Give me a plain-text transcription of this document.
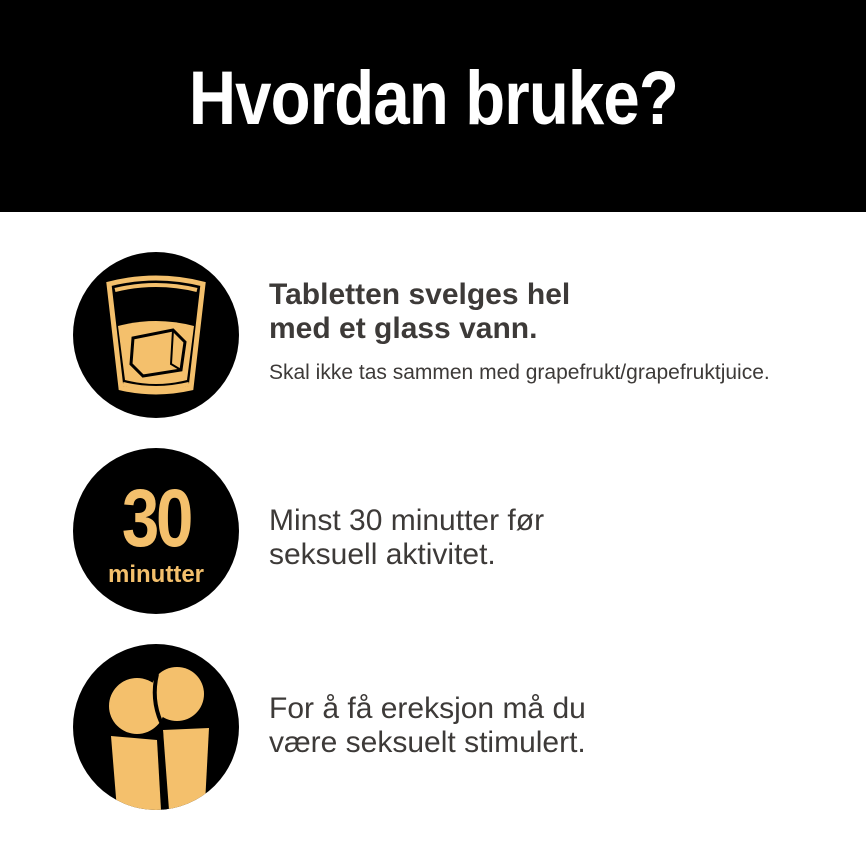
Hvordan bruke?
Tabletten svelges hel
med et glass vann.
Skal ikke tas sammen med grapefrukt/grapefruktjuice.
30
minutter
Minst 30 minutter før
seksuell aktivitet.
For å få ereksjon må du
være seksuelt stimulert.
